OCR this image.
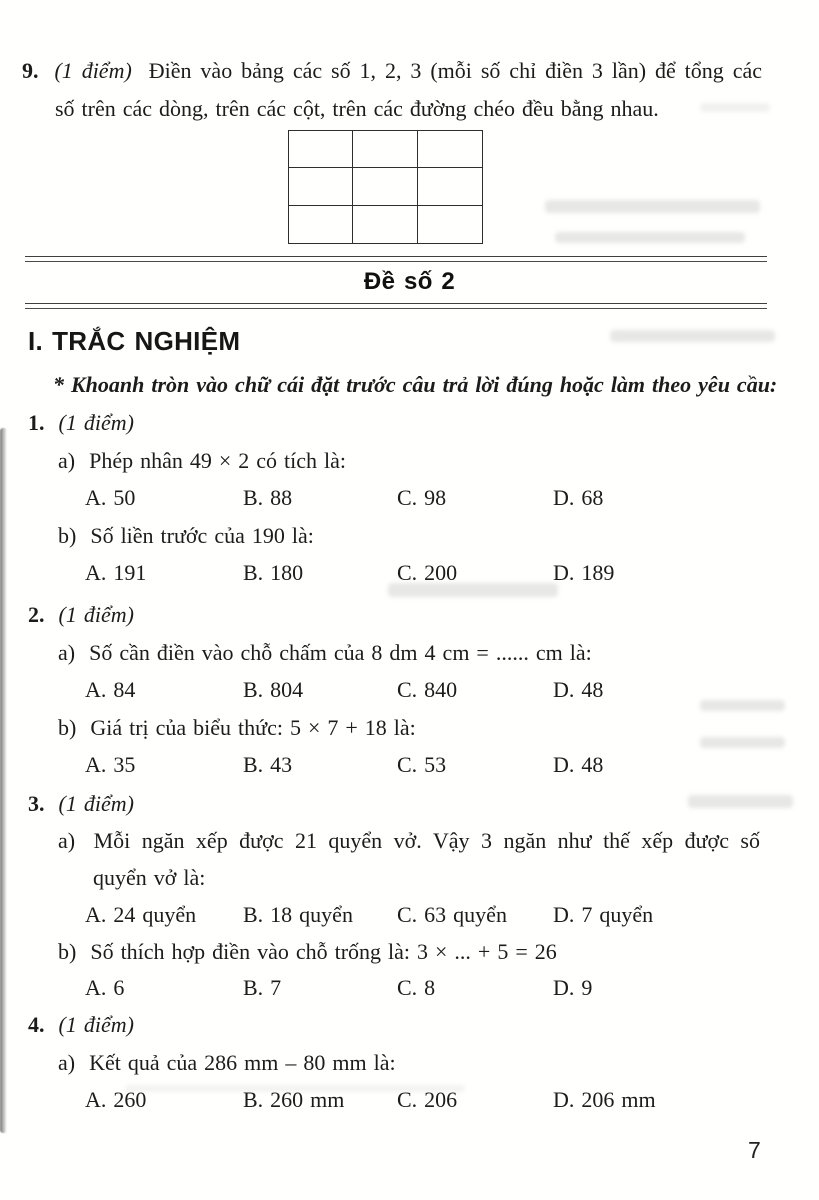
9. (1 điểm) Điền vào bảng các số 1, 2, 3 (mỗi số chỉ điền 3 lần) để tổng các
số trên các dòng, trên các cột, trên các đường chéo đều bằng nhau.
Đề số 2
I. TRẮC NGHIỆM
* Khoanh tròn vào chữ cái đặt trước câu trả lời đúng hoặc làm theo yêu cầu:
1. (1 điểm)
a) Phép nhân 49 × 2 có tích là:
A. 50	B. 88	C. 98	D. 68
b) Số liền trước của 190 là:
A. 191	B. 180	C. 200	D. 189
2. (1 điểm)
a) Số cần điền vào chỗ chấm của 8 dm 4 cm = ...... cm là:
A. 84	B. 804	C. 840	D. 48
b) Giá trị của biểu thức: 5 × 7 + 18 là:
A. 35	B. 43	C. 53	D. 48
3. (1 điểm)
a) Mỗi ngăn xếp được 21 quyển vở. Vậy 3 ngăn như thế xếp được số
quyển vở là:
A. 24 quyển B. 18 quyển C. 63 quyển D. 7 quyển
b) Số thích hợp điền vào chỗ trống là: 3 × ... + 5 = 26
A. 6	B. 7	C. 8	D. 9
4. (1 điểm)
a) Kết quả của 286 mm – 80 mm là:
A. 260	B. 260 mm C. 206	D. 206 mm
7
